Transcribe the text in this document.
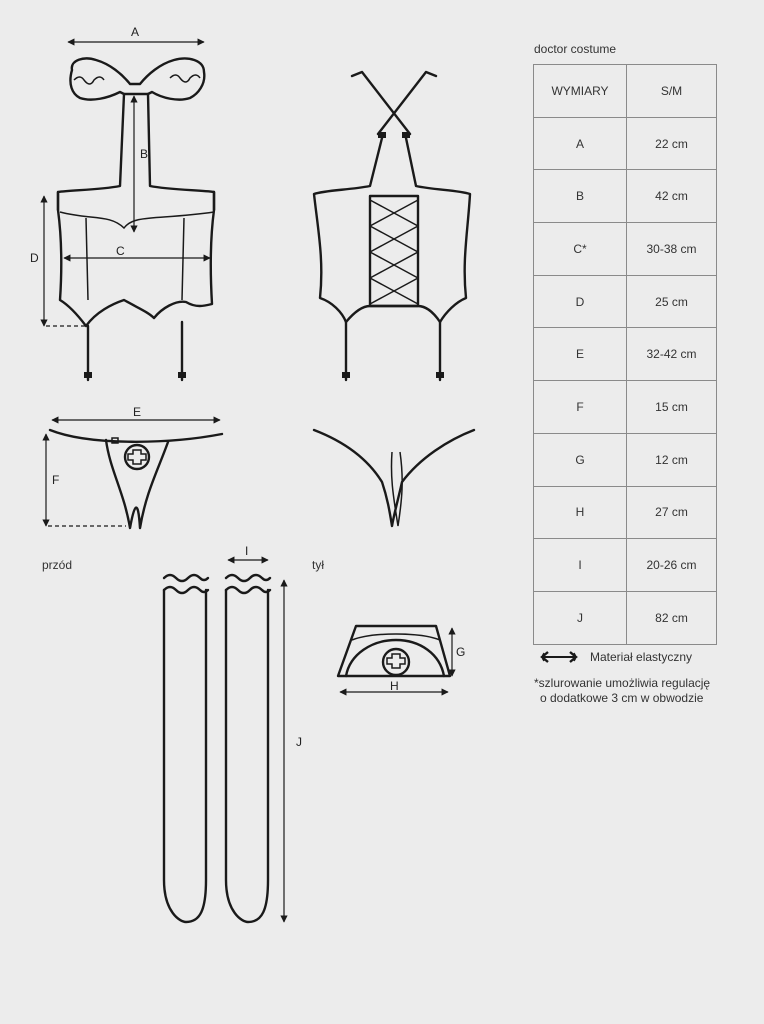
A
B
C
D
E
F
I
J
G
H
przód	tył
doctor costume
WYMIARY	S/M
A	22 cm
B	42 cm
C*	30-38 cm
D	25 cm
E	32-42 cm
F	15 cm
G	12 cm
H	27 cm
I	20-26 cm
J	82 cm
Materiał elastyczny
*szlurowanie umożliwia regulację
o dodatkowe 3 cm w obwodzie
